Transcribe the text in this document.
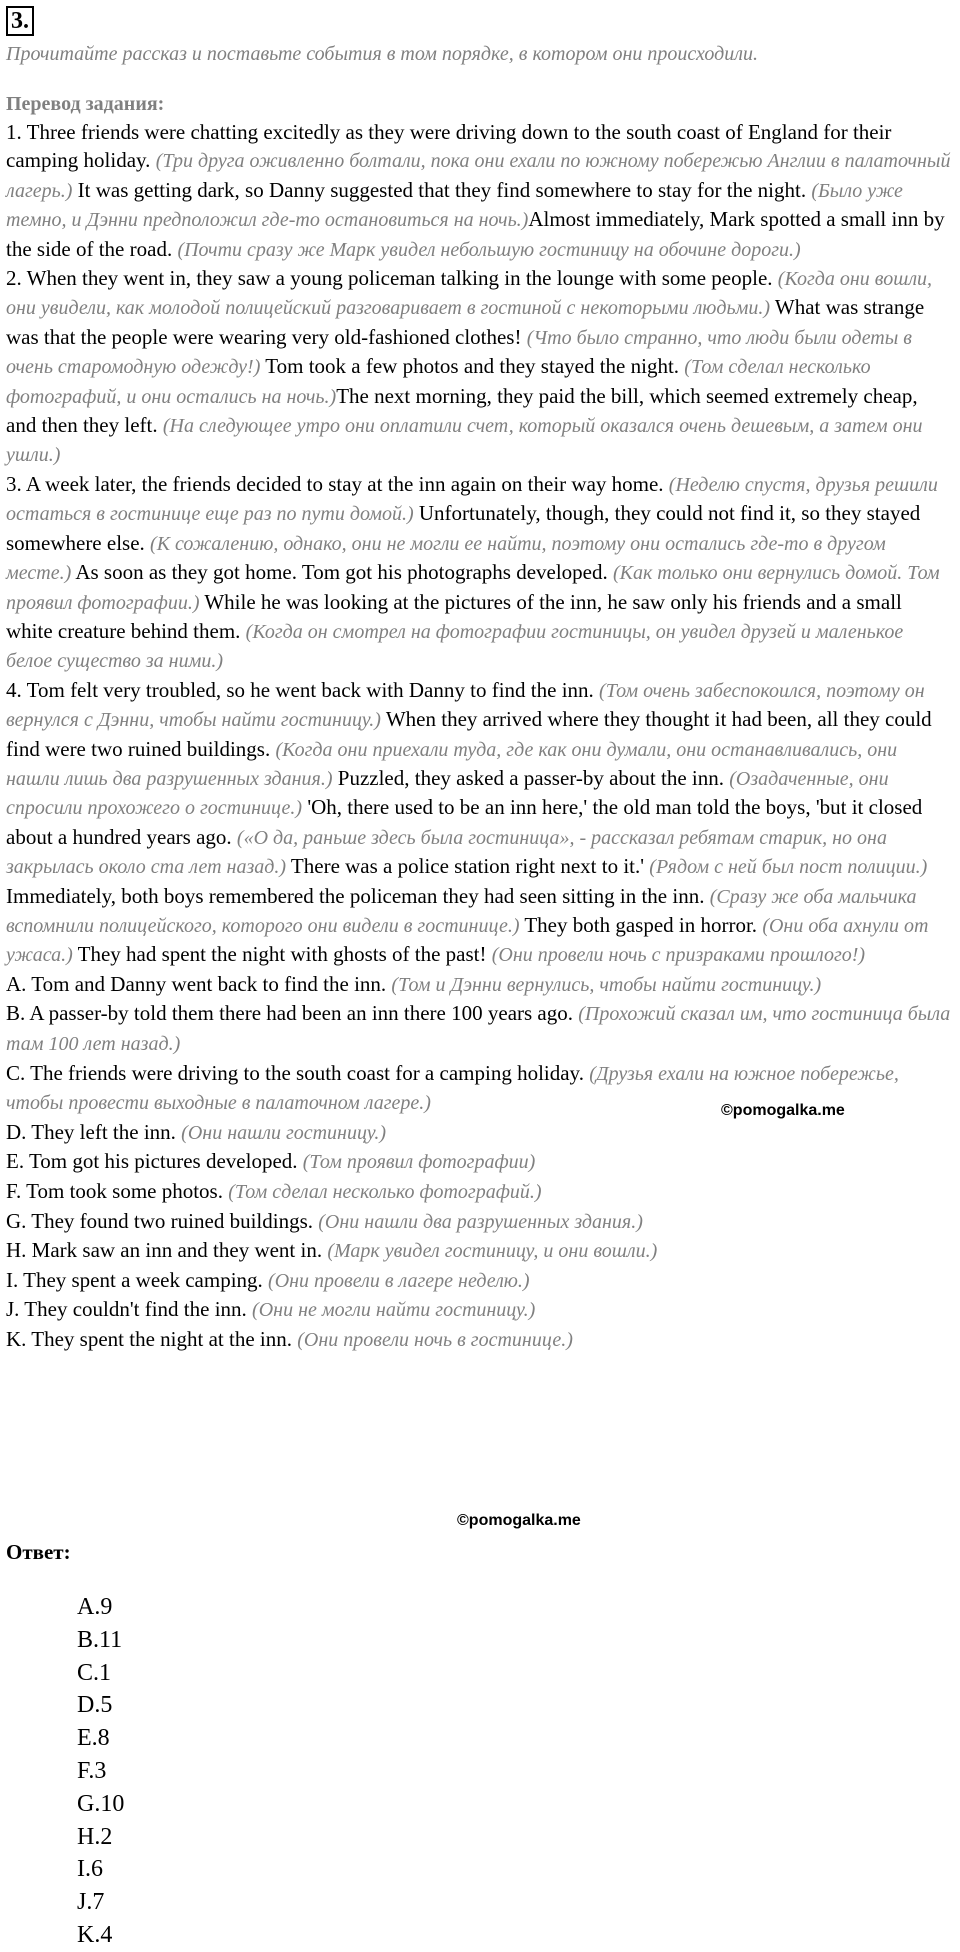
3.
Прочитайте рассказ и поставьте события в том порядке, в котором они происходили.
Перевод задания:

1. Three friends were chatting excitedly as they were driving down to the south coast of England for their camping holiday. (Три друга оживленно болтали, пока они ехали по южному побережью Англии в палаточный лагерь.) It was getting dark, so Danny suggested that they find somewhere to stay for the night. (Было уже темно, и Дэнни предположил где-то остановиться на ночь.)Almost immediately, Mark spotted a small inn by the side of the road. (Почти сразу же Марк увидел небольшую гостиницу на обочине дороги.)

2. When they went in, they saw a young policeman talking in the lounge with some people. (Когда они вошли, они увидели, как молодой полицейский разговаривает в гостиной с некоторыми людьми.) What was strange was that the people were wearing very old-fashioned clothes! (Что было странно, что люди были одеты в очень старомодную одежду!) Tom took a few photos and they stayed the night. (Том сделал несколько фотографий, и они остались на ночь.)The next morning, they paid the bill, which seemed extremely cheap, and then they left. (На следующее утро они оплатили счет, который оказался очень дешевым, а затем они ушли.)

3. A week later, the friends decided to stay at the inn again on their way home. (Неделю спустя, друзья решили остаться в гостинице еще раз по пути домой.) Unfortunately, though, they could not find it, so they stayed somewhere else. (К сожалению, однако, они не могли ее найти, поэтому они остались где-то в другом месте.) As soon as they got home. Tom got his photographs developed. (Как только они вернулись домой. Том проявил фотографии.) While he was looking at the pictures of the inn, he saw only his friends and a small white creature behind them. (Когда он смотрел на фотографии гостиницы, он увидел друзей и маленькое белое существо за ними.)

4. Tom felt very troubled, so he went back with Danny to find the inn. (Том очень забеспокоился, поэтому он вернулся с Дэнни, чтобы найти гостиницу.) When they arrived where they thought it had been, all they could find were two ruined buildings. (Когда они приехали туда, где как они думали, они останавливались, они нашли лишь два разрушенных здания.) Puzzled, they asked a passer-by about the inn. (Озадаченные, они спросили прохожего о гостинице.) 'Oh, there used to be an inn here,' the old man told the boys, 'but it closed about a hundred years ago. («О да, раньше здесь была гостиница», - рассказал ребятам старик, но она закрылась около ста лет назад.) There was a police station right next to it.' (Рядом с ней был пост полиции.) Immediately, both boys remembered the policeman they had seen sitting in the inn. (Сразу же оба мальчика вспомнили полицейского, которого они видели в гостинице.) They both gasped in horror. (Они оба ахнули от ужаса.) They had spent the night with ghosts of the past! (Они провели ночь с призраками прошлого!)

A. Tom and Danny went back to find the inn. (Том и Дэнни вернулись, чтобы найти гостиницу.)

B. A passer-by told them there had been an inn there 100 years ago. (Прохожий сказал им, что гостиница была там 100 лет назад.)

C. The friends were driving to the south coast for a camping holiday. (Друзья ехали на южное побережье, чтобы провести выходные в палаточном лагере.)

D. They left the inn. (Они нашли гостиницу.)

E. Tom got his pictures developed. (Том проявил фотографии)

F. Tom took some photos. (Том сделал несколько фотографий.)

G. They found two ruined buildings. (Они нашли два разрушенных здания.)

H. Mark saw an inn and they went in. (Марк увидел гостиницу, и они вошли.)

I. They spent a week camping. (Они провели в лагере неделю.)

J. They couldn't find the inn. (Они не могли найти гостиницу.)

K. They spent the night at the inn. (Они провели ночь в гостинице.)

©pomogalka.me
©pomogalka.me
Ответ:
A.9
B.11
C.1
D.5
E.8
F.3
G.10
H.2
I.6
J.7
K.4
